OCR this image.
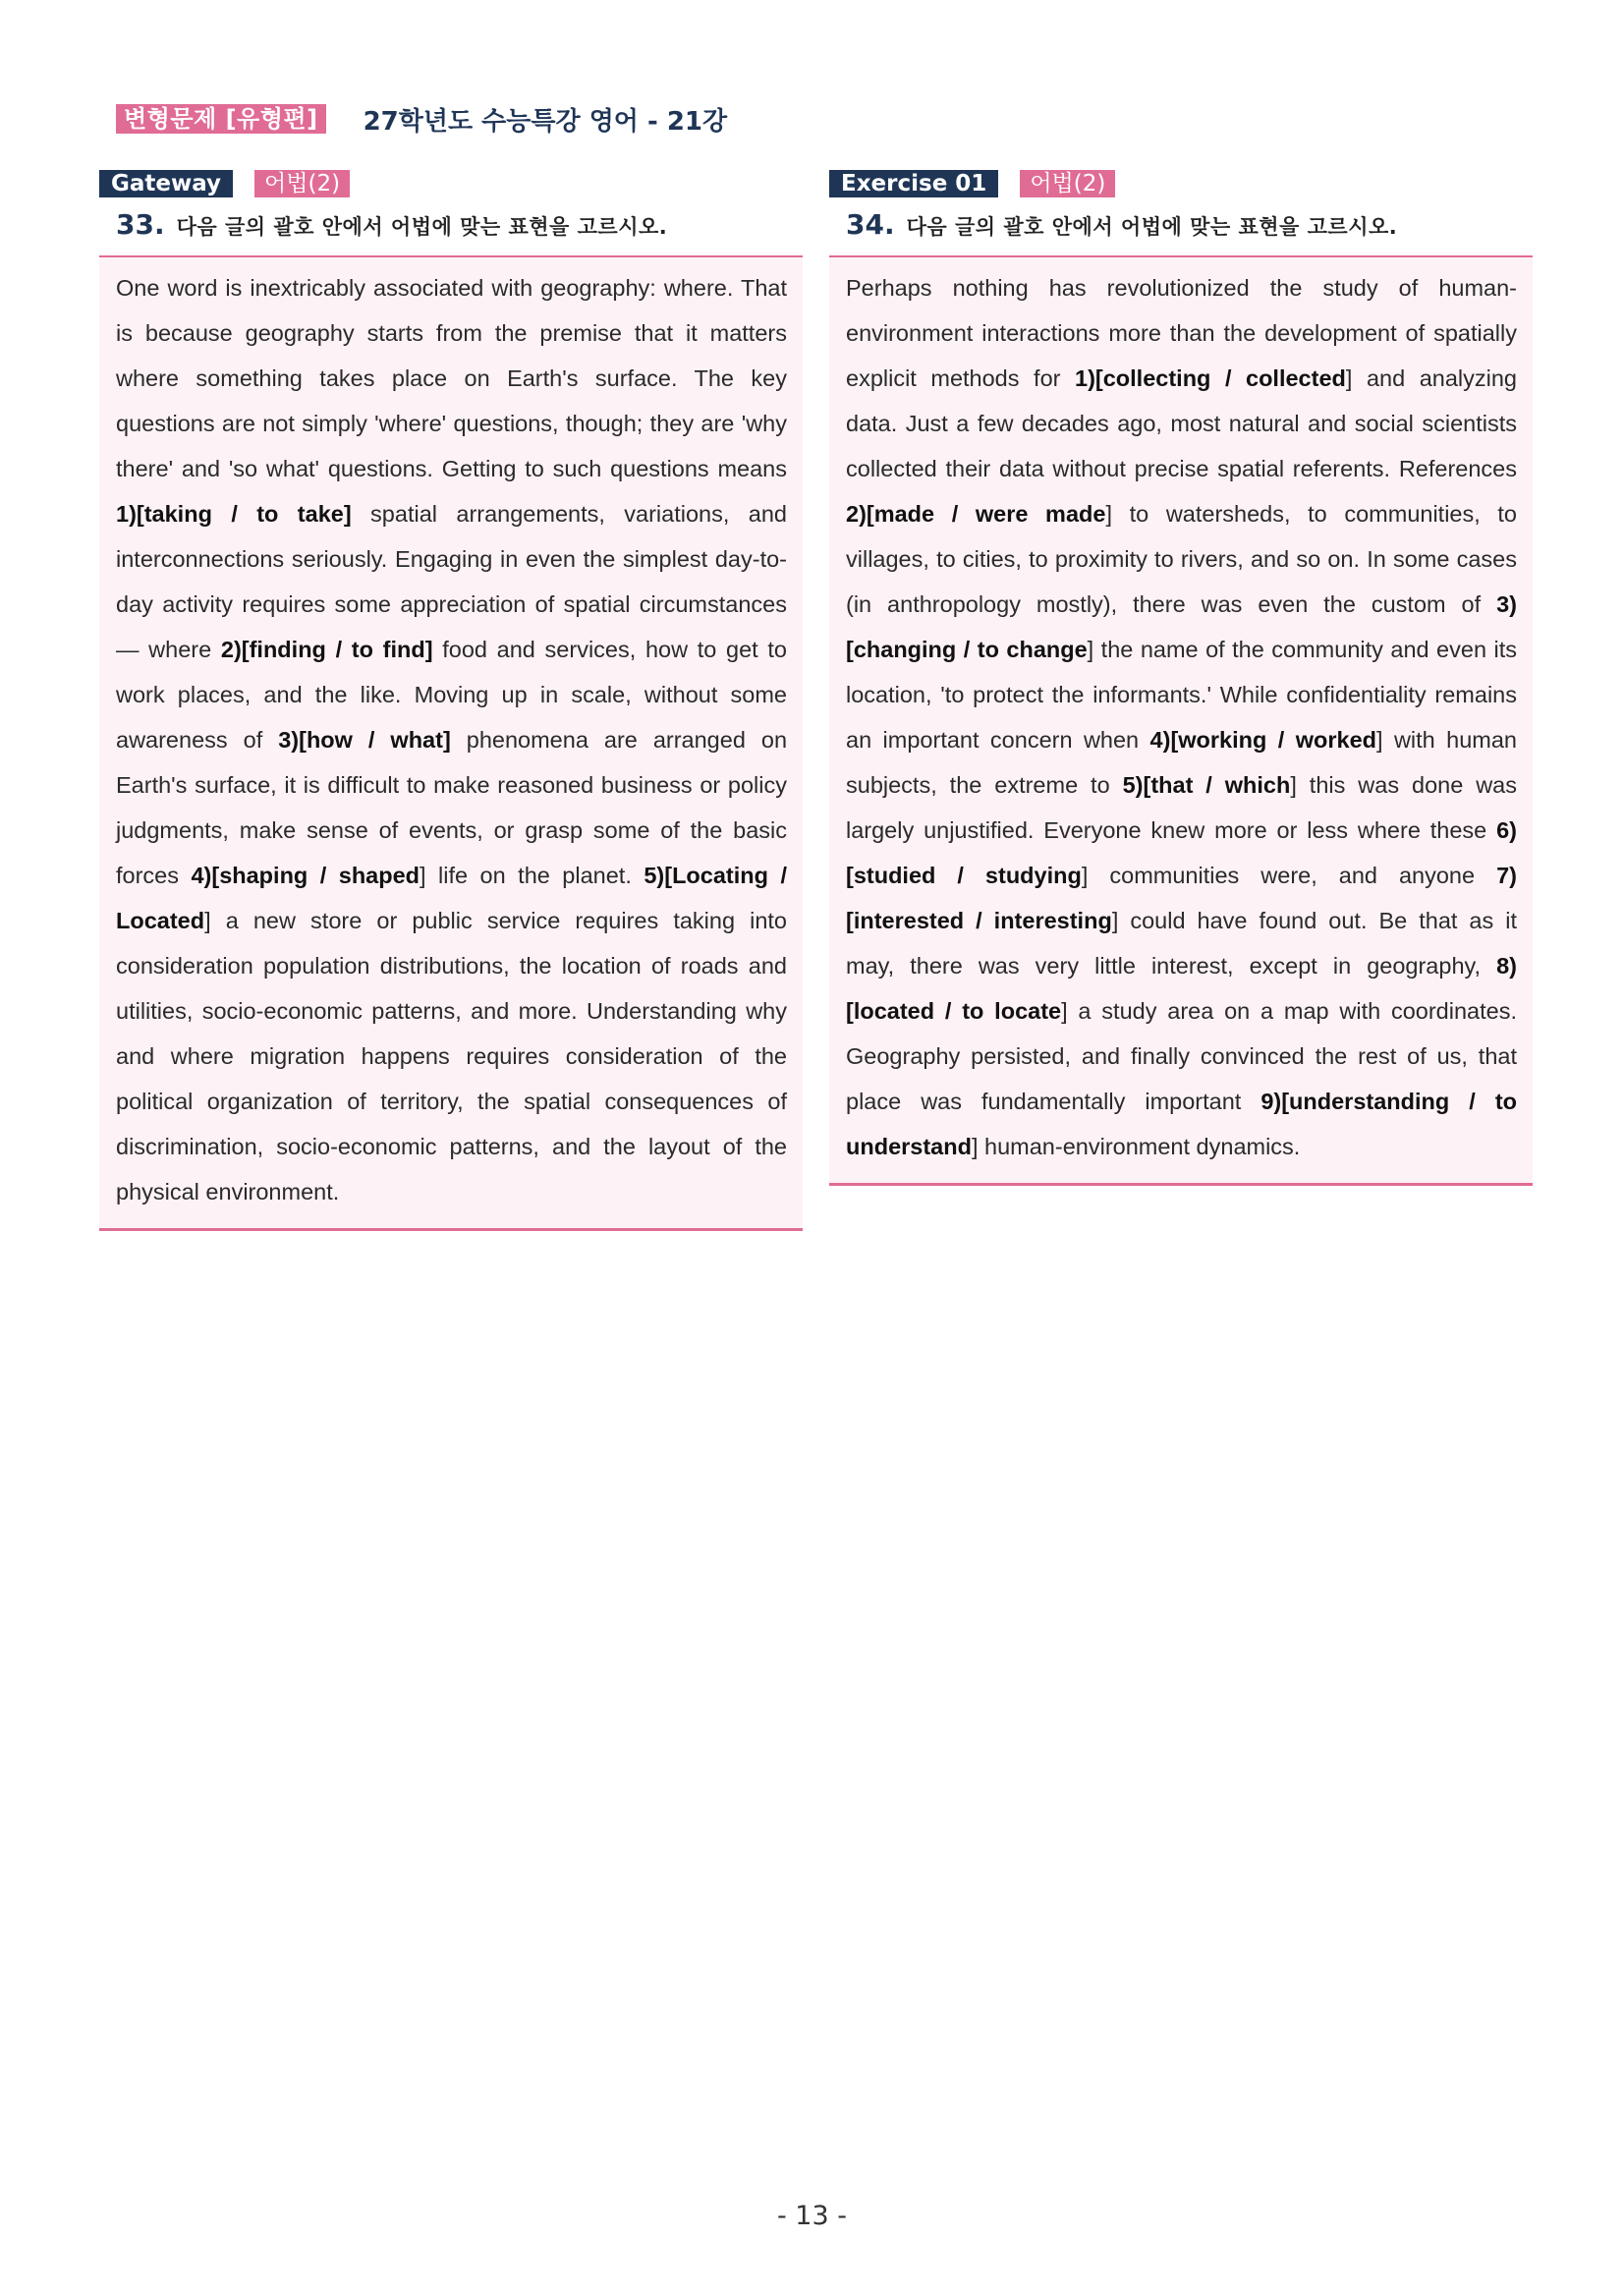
변형문제 [유형편]	27학년도 수능특강 영어 - 21강
Gateway	어법(2)
33. 다음 글의 괄호 안에서 어법에 맞는 표현을 고르시오.
One word is inextricably associated with geography: where. That is because geography starts from the premise that it matters where something takes place on Earth's surface. The key questions are not simply 'where' questions, though; they are 'why there' and 'so what' questions. Getting to such questions means 1)[taking / to take] spatial arrangements, variations, and interconnections seriously. Engaging in even the simplest day-to-day activity requires some appreciation of spatial circumstances — where 2)[finding / to find] food and services, how to get to work places, and the like. Moving up in scale, without some awareness of 3)[how / what] phenomena are arranged on Earth's surface, it is difficult to make reasoned business or policy judgments, make sense of events, or grasp some of the basic forces 4)[shaping / shaped] life on the planet. 5)[Locating / Located] a new store or public service requires taking into consideration population distributions, the location of roads and utilities, socio-economic patterns, and more. Understanding why and where migration happens requires consideration of the political organization of territory, the spatial consequences of discrimination, socio-economic patterns, and the layout of the physical environment.
Exercise 01	어법(2)
34. 다음 글의 괄호 안에서 어법에 맞는 표현을 고르시오.
Perhaps nothing has revolutionized the study of human-environment interactions more than the development of spatially explicit methods for 1)[collecting / collected] and analyzing data. Just a few decades ago, most natural and social scientists collected their data without precise spatial referents. References 2)[made / were made] to watersheds, to communities, to villages, to cities, to proximity to rivers, and so on. In some cases (in anthropology mostly), there was even the custom of 3)[changing / to change] the name of the community and even its location, 'to protect the informants.' While confidentiality remains an important concern when 4)[working / worked] with human subjects, the extreme to 5)[that / which] this was done was largely unjustified. Everyone knew more or less where these 6)[studied / studying] communities were, and anyone 7)[interested / interesting] could have found out. Be that as it may, there was very little interest, except in geography, 8)[located / to locate] a study area on a map with coordinates. Geography persisted, and finally convinced the rest of us, that place was fundamentally important 9)[understanding / to understand] human-environment dynamics.
- 13 -
